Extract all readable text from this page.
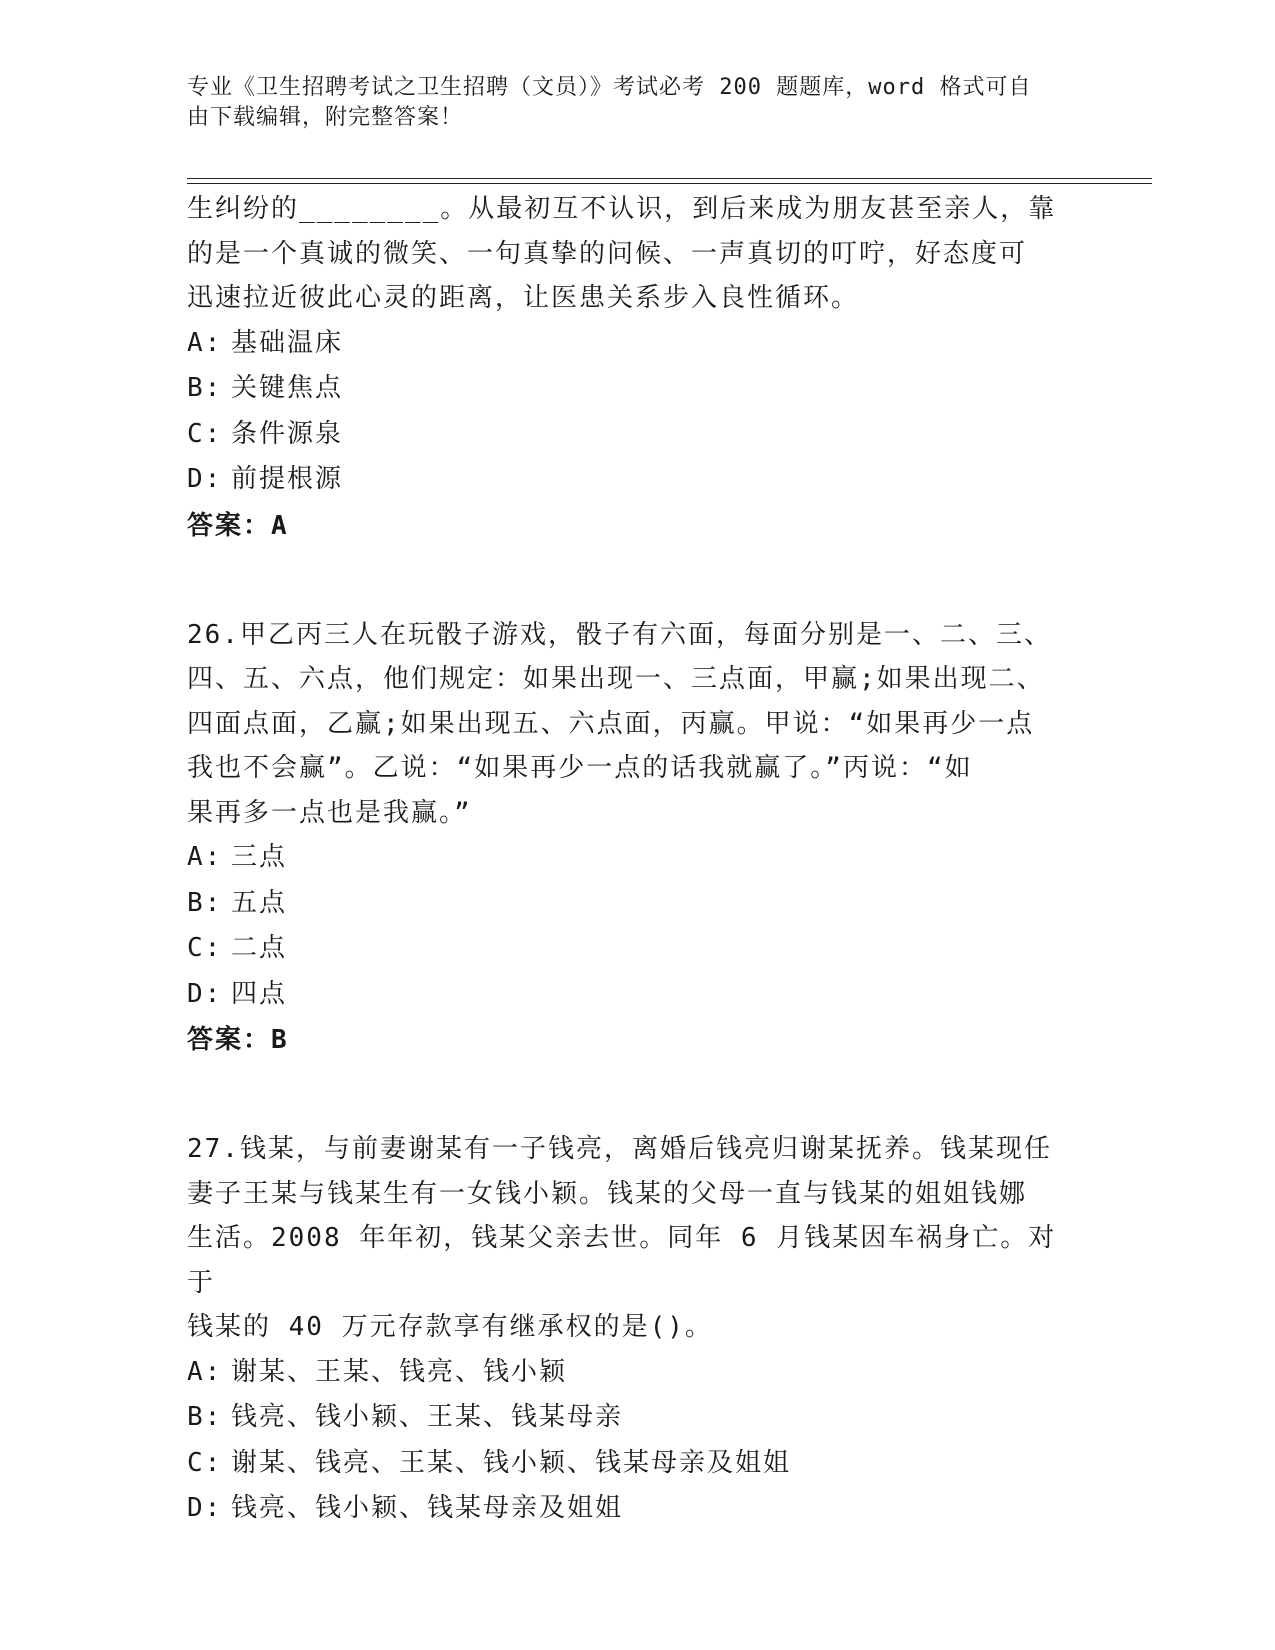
专业《卫生招聘考试之卫生招聘（文员）》考试必考 200 题题库，word 格式可自
由下载编辑，附完整答案！

生纠纷的________。从最初互不认识，到后来成为朋友甚至亲人，靠

的是一个真诚的微笑、一句真挚的问候、一声真切的叮咛，好态度可

迅速拉近彼此心灵的距离，让医患关系步入良性循环。

A: 基础温床

B: 关键焦点

C: 条件源泉

D: 前提根源

答案：A

26.甲乙丙三人在玩骰子游戏，骰子有六面，每面分别是一、二、三、

四、五、六点，他们规定：如果出现一、三点面，甲赢;如果出现二、

四面点面，乙赢;如果出现五、六点面，丙赢。甲说：“如果再少一点

我也不会赢”。乙说：“如果再少一点的话我就赢了。”丙说：“如

果再多一点也是我赢。”

A: 三点

B: 五点

C: 二点

D: 四点

答案：B

27.钱某，与前妻谢某有一子钱亮，离婚后钱亮归谢某抚养。钱某现任

妻子王某与钱某生有一女钱小颖。钱某的父母一直与钱某的姐姐钱娜

生活。2008 年年初，钱某父亲去世。同年 6 月钱某因车祸身亡。对于

钱某的 40 万元存款享有继承权的是()。

A: 谢某、王某、钱亮、钱小颖

B: 钱亮、钱小颖、王某、钱某母亲

C: 谢某、钱亮、王某、钱小颖、钱某母亲及姐姐

D: 钱亮、钱小颖、钱某母亲及姐姐
